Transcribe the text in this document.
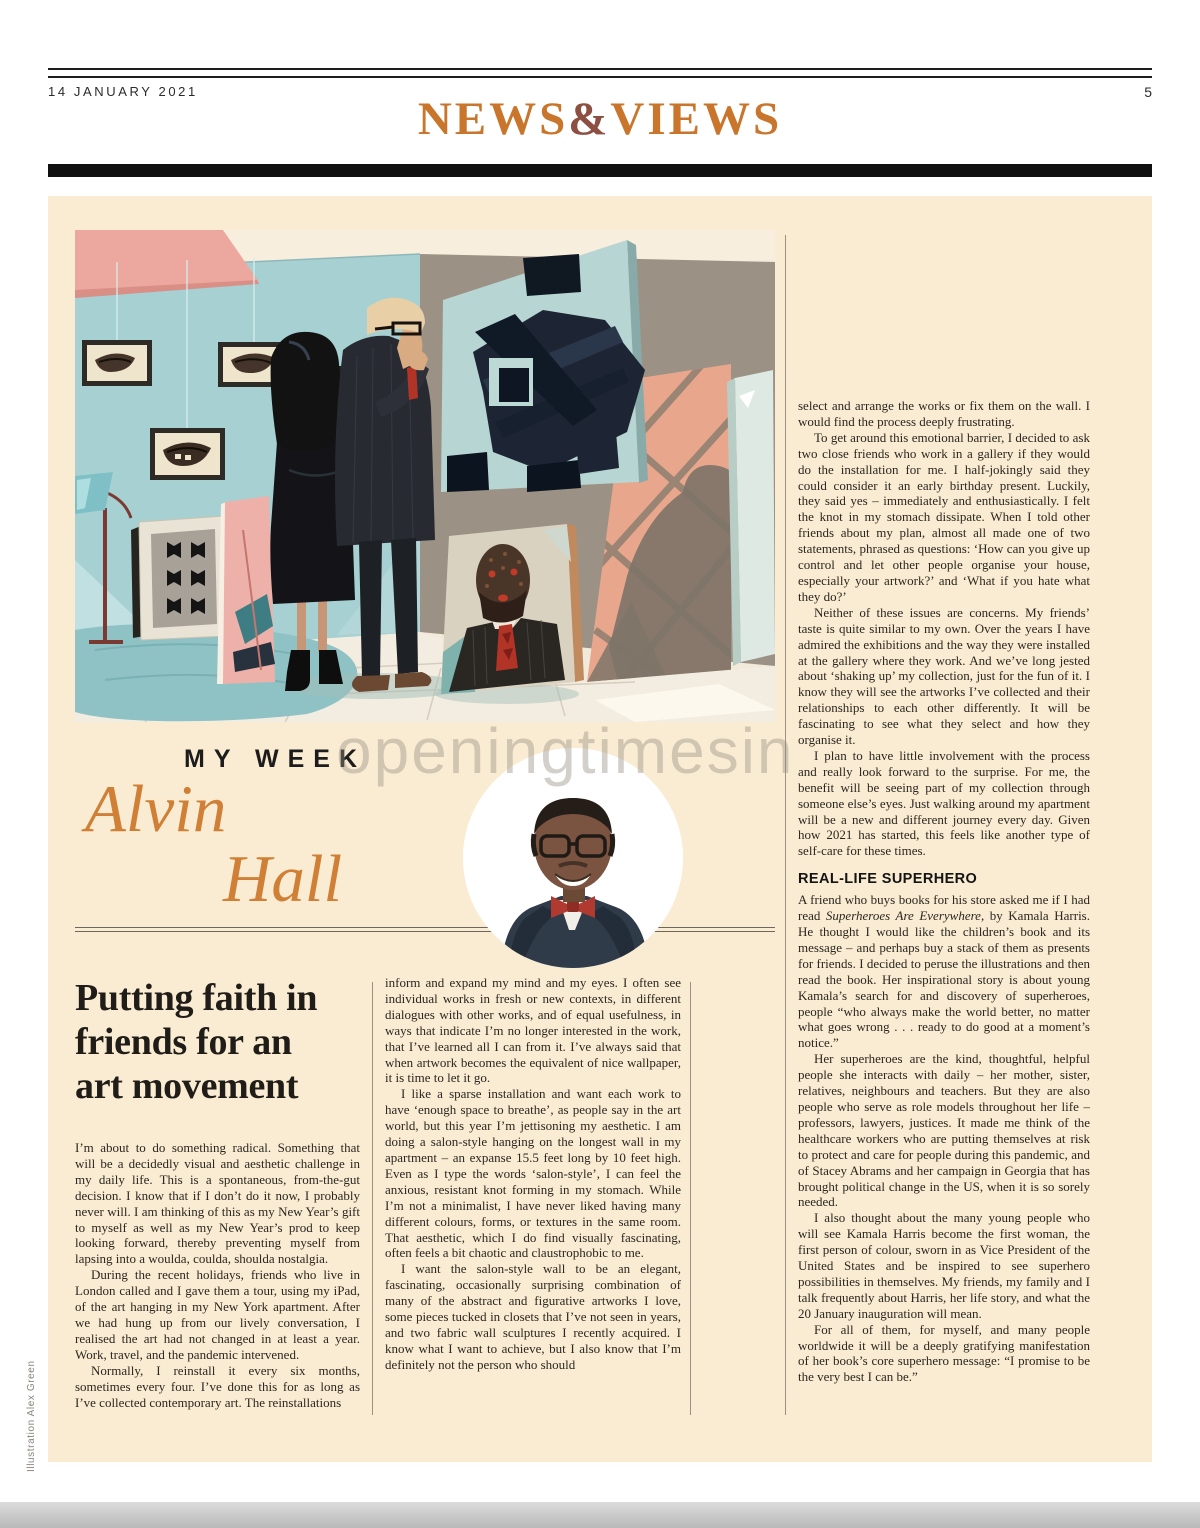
14 JANUARY 2021	5
NEWS&VIEWS
MY WEEK
Alvin
Hall
Putting faith in
friends for an
art movement

I’m about to do something radical. Something that will be a decidedly visual and aesthetic challenge in my daily life. This is a spontaneous, from-the-gut decision. I know that if I don’t do it now, I probably never will. I am thinking of this as my New Year’s gift to myself as well as my New Year’s prod to keep looking forward, thereby preventing myself from lapsing into a woulda, coulda, shoulda nostalgia.

During the recent holidays, friends who live in London called and I gave them a tour, using my iPad, of the art hanging in my New York apartment. After we had hung up from our lively conversation, I realised the art had not changed in at least a year. Work, travel, and the pandemic intervened.

Normally, I reinstall it every six months, sometimes every four. I’ve done this for as long as I’ve collected contemporary art. The reinstallations

inform and expand my mind and my eyes. I often see individual works in fresh or new contexts, in different dialogues with other works, and of equal usefulness, in ways that indicate I’m no longer interested in the work, that I’ve learned all I can from it. I’ve always said that when artwork becomes the equivalent of nice wallpaper, it is time to let it go.

I like a sparse installation and want each work to have ‘enough space to breathe’, as people say in the art world, but this year I’m jettisoning my aesthetic. I am doing a salon-style hanging on the longest wall in my apartment – an expanse 15.5 feet long by 10 feet high. Even as I type the words ‘salon-style’, I can feel the anxious, resistant knot forming in my stomach. While I’m not a minimalist, I have never liked having many different colours, forms, or textures in the same room. That aesthetic, which I do find visually fascinating, often feels a bit chaotic and claustrophobic to me.

I want the salon-style wall to be an elegant, fascinating, occasionally surprising combination of many of the abstract and figurative artworks I love, some pieces tucked in closets that I’ve not seen in years, and two fabric wall sculptures I recently acquired. I know what I want to achieve, but I also know that I’m definitely not the person who should

select and arrange the works or fix them on the wall. I would find the process deeply frustrating.

To get around this emotional barrier, I decided to ask two close friends who work in a gallery if they would do the installation for me. I half-jokingly said they could consider it an early birthday present. Luckily, they said yes – immediately and enthusiastically. I felt the knot in my stomach dissipate. When I told other friends about my plan, almost all made one of two statements, phrased as questions: ‘How can you give up control and let other people organise your house, especially your artwork?’ and ‘What if you hate what they do?’

Neither of these issues are concerns. My friends’ taste is quite similar to my own. Over the years I have admired the exhibitions and the way they were installed at the gallery where they work. And we’ve long jested about ‘shaking up’ my collection, just for the fun of it. I know they will see the artworks I’ve collected and their relationships to each other differently. It will be fascinating to see what they select and how they organise it.

I plan to have little involvement with the process and really look forward to the surprise. For me, the benefit will be seeing part of my collection through someone else’s eyes. Just walking around my apartment will be a new and different journey every day. Given how 2021 has started, this feels like another type of self-care for these times.

REAL-LIFE SUPERHERO

A friend who buys books for his store asked me if I had read Superheroes Are Everywhere, by Kamala Harris. He thought I would like the children’s book and its message – and perhaps buy a stack of them as presents for friends. I decided to peruse the illustrations and then read the book. Her inspirational story is about young Kamala’s search for and discovery of superheroes, people “who always make the world better, no matter what goes wrong . . . ready to do good at a moment’s notice.”

Her superheroes are the kind, thoughtful, helpful people she interacts with daily – her mother, sister, relatives, neighbours and teachers. But they are also people who serve as role models throughout her life – professors, lawyers, justices. It made me think of the healthcare workers who are putting themselves at risk to protect and care for people during this pandemic, and of Stacey Abrams and her campaign in Georgia that has brought political change in the US, when it is so sorely needed.

I also thought about the many young people who will see Kamala Harris become the first woman, the first person of colour, sworn in as Vice President of the United States and be inspired to see superhero possibilities in themselves. My friends, my family and I talk frequently about Harris, her life story, and what the 20 January inauguration will mean.

For all of them, for myself, and many people worldwide it will be a deeply gratifying manifestation of her book’s core superhero message: “I promise to be the very best I can be.”

openingtimesin
Illustration Alex Green
